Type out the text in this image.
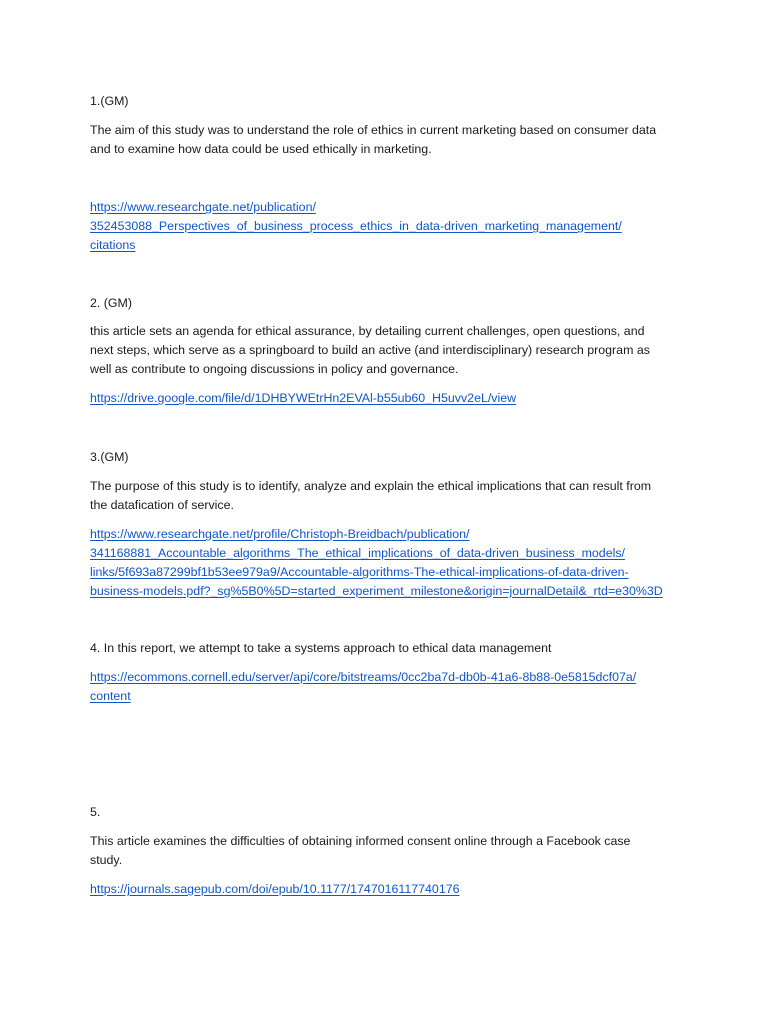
1.(GM)

The aim of this study was to understand the role of ethics in current marketing based on consumer data
and to examine how data could be used ethically in marketing.

https://www.researchgate.net/publication/
352453088_Perspectives_of_business_process_ethics_in_data-driven_marketing_management/
citations

2. (GM)

this article sets an agenda for ethical assurance, by detailing current challenges, open questions, and
next steps, which serve as a springboard to build an active (and interdisciplinary) research program as
well as contribute to ongoing discussions in policy and governance.

https://drive.google.com/file/d/1DHBYWEtrHn2EVAl-b55ub60_H5uvv2eL/view

3.(GM)

The purpose of this study is to identify, analyze and explain the ethical implications that can result from
the datafication of service.

https://www.researchgate.net/profile/Christoph-Breidbach/publication/
341168881_Accountable_algorithms_The_ethical_implications_of_data-driven_business_models/
links/5f693a87299bf1b53ee979a9/Accountable-algorithms-The-ethical-implications-of-data-driven-
business-models.pdf?_sg%5B0%5D=started_experiment_milestone&origin=journalDetail&_rtd=e30%3D

4. In this report, we attempt to take a systems approach to ethical data management

https://ecommons.cornell.edu/server/api/core/bitstreams/0cc2ba7d-db0b-41a6-8b88-0e5815dcf07a/
content

5.

This article examines the difficulties of obtaining informed consent online through a Facebook case
study.

https://journals.sagepub.com/doi/epub/10.1177/1747016117740176
